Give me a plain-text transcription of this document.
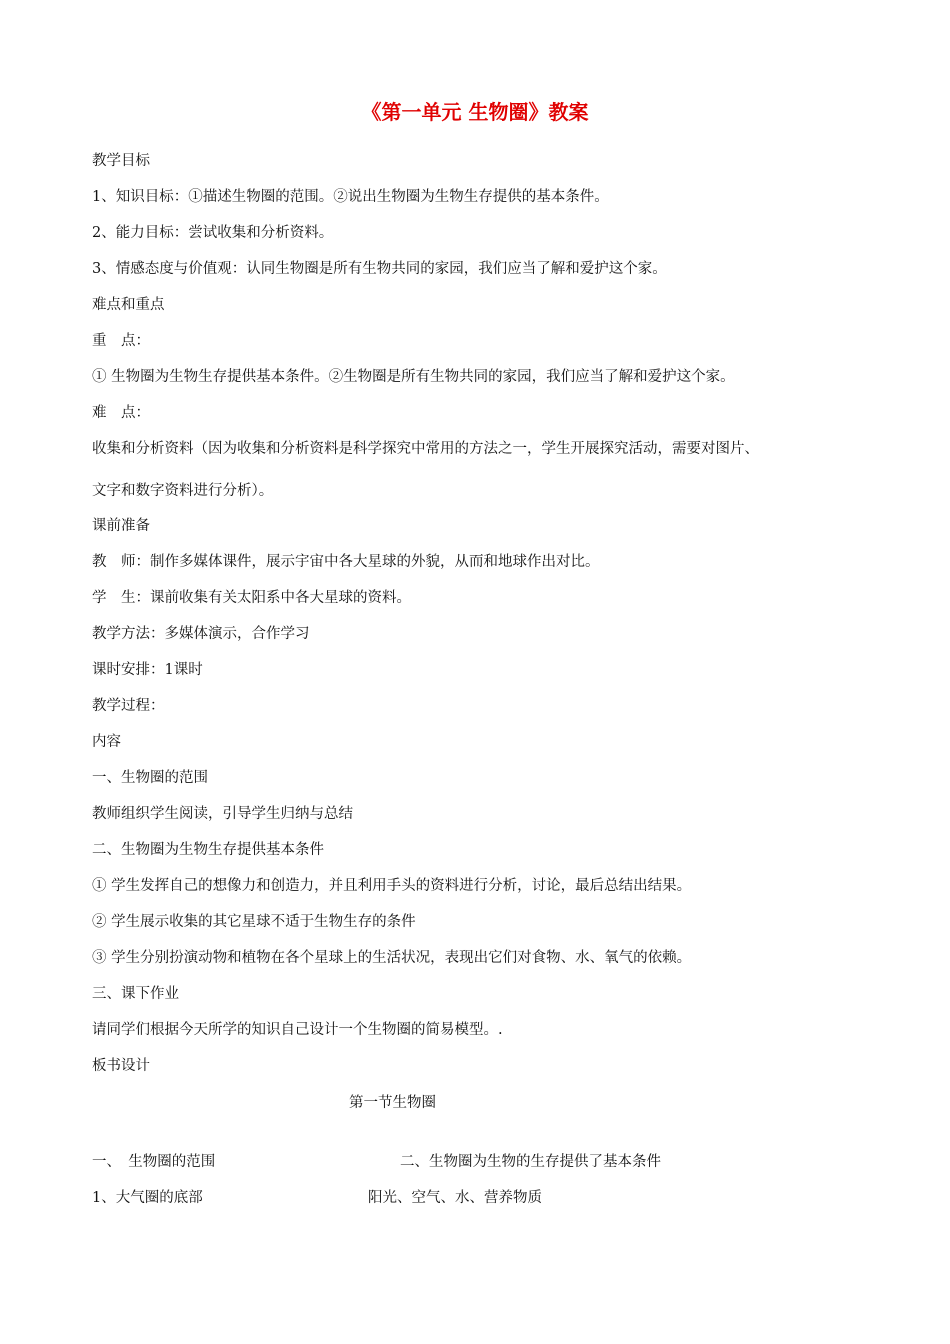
《第一单元 生物圈》教案
教学目标
1、知识目标：①描述生物圈的范围。②说出生物圈为生物生存提供的基本条件。
2、能力目标：尝试收集和分析资料。
3、情感态度与价值观：认同生物圈是所有生物共同的家园，我们应当了解和爱护这个家。
难点和重点
重　点：
① 生物圈为生物生存提供基本条件。②生物圈是所有生物共同的家园，我们应当了解和爱护这个家。
难　点：
收集和分析资料（因为收集和分析资料是科学探究中常用的方法之一，学生开展探究活动，需要对图片、
文字和数字资料进行分析）。
课前准备
教　师：制作多媒体课件，展示宇宙中各大星球的外貌，从而和地球作出对比。
学　生：课前收集有关太阳系中各大星球的资料。
教学方法：多媒体演示，合作学习
课时安排：1课时
教学过程：
内容
一、生物圈的范围
教师组织学生阅读，引导学生归纳与总结
二、生物圈为生物生存提供基本条件
① 学生发挥自己的想像力和创造力，并且利用手头的资料进行分析，讨论，最后总结出结果。
② 学生展示收集的其它星球不适于生物生存的条件
③ 学生分别扮演动物和植物在各个星球上的生活状况，表现出它们对食物、水、氧气的依赖。
三、课下作业
请同学们根据今天所学的知识自己设计一个生物圈的简易模型。.
板书设计
第一节生物圈
一、　生物圈的范围	二、生物圈为生物的生存提供了基本条件
1、大气圈的底部	阳光、空气、水、营养物质
